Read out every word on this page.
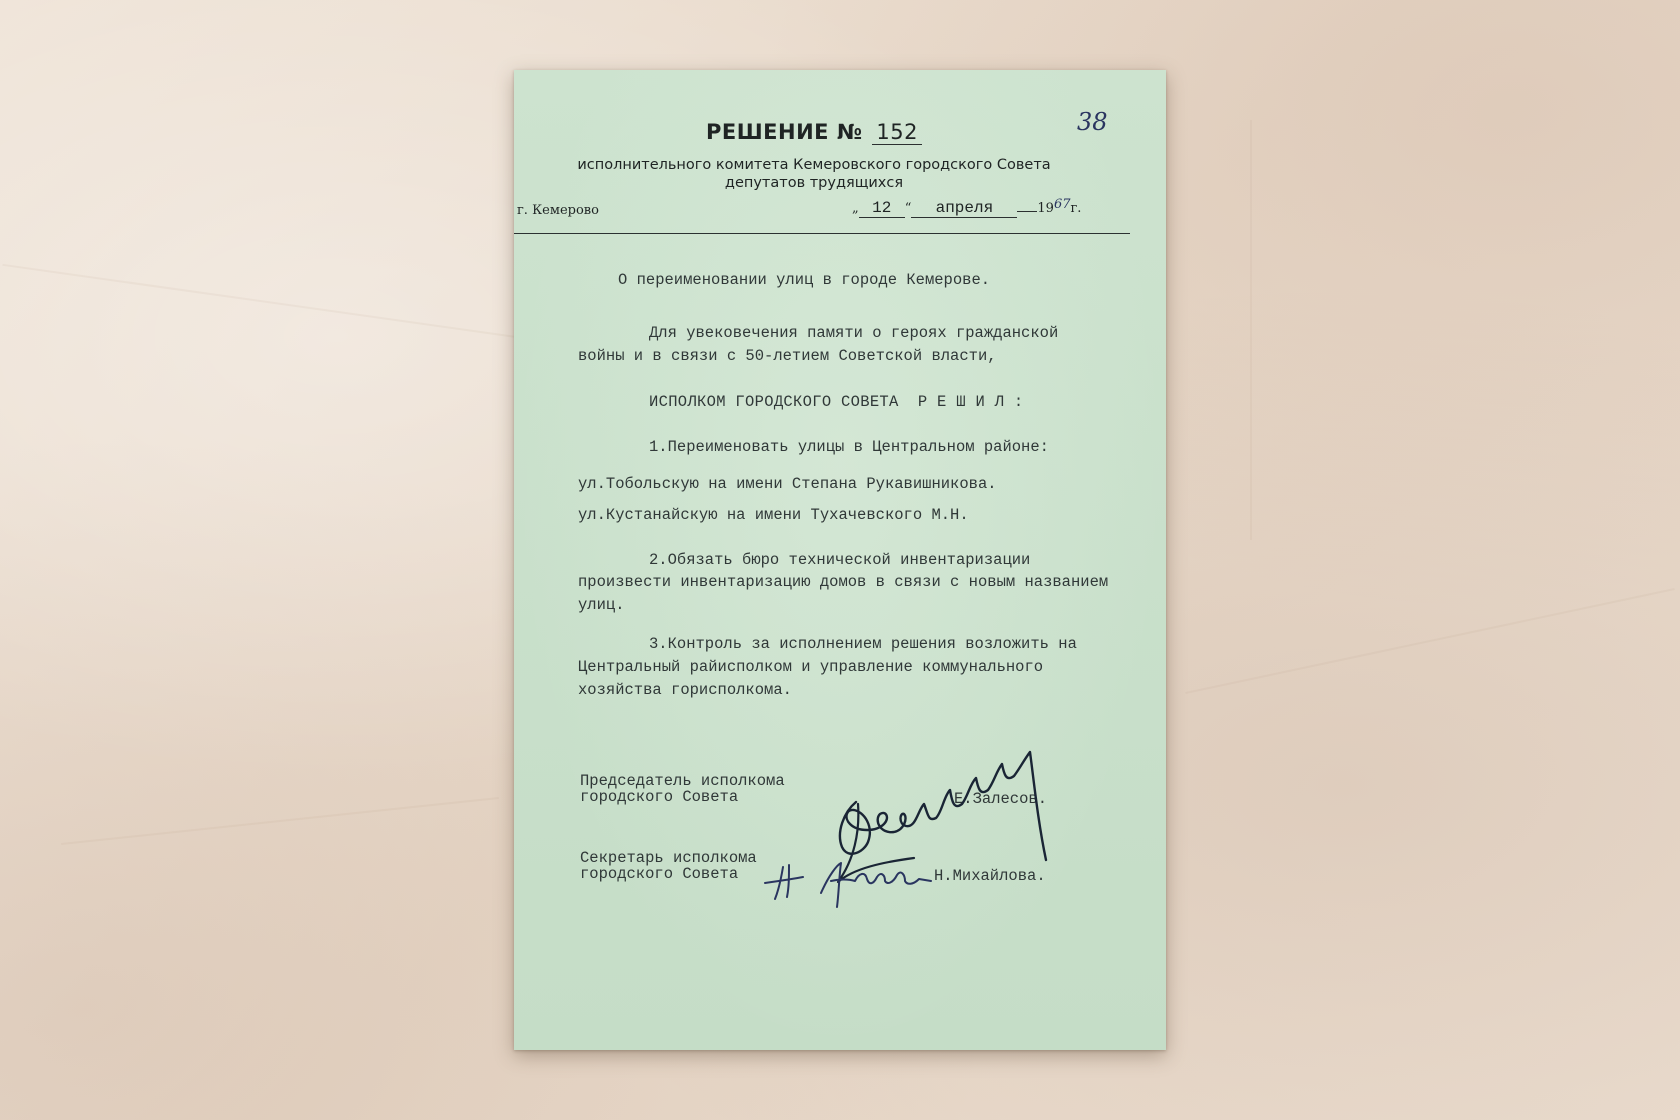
38
РЕШЕНИЕ № 152
исполнительного комитета Кемеровского городского Совета
депутатов трудящихся
г. Кемерово	„ 12 “ апреля	$19^{67}г$.
О переименовании улиц в городе Кемерове.
Для увековечения памяти о героях гражданской
войны и в связи с 50-летием Советской власти,
ИСПОЛКОМ ГОРОДСКОГО СОВЕТА  Р Е Ш И Л :
1.Переименовать улицы в Центральном районе:
ул.Тобольскую на имени Степана Рукавишникова.
ул.Кустанайскую на имени Тухачевского М.Н.
2.Обязать бюро технической инвентаризации
произвести инвентаризацию домов в связи с новым названием
улиц.
3.Контроль за исполнением решения возложить на
Центральный райисполком и управление коммунального
хозяйства горисполкома.
Председатель исполкома
городского Совета	Е.Залесов.
Секретарь исполкома
городского Совета	Н.Михайлова.
